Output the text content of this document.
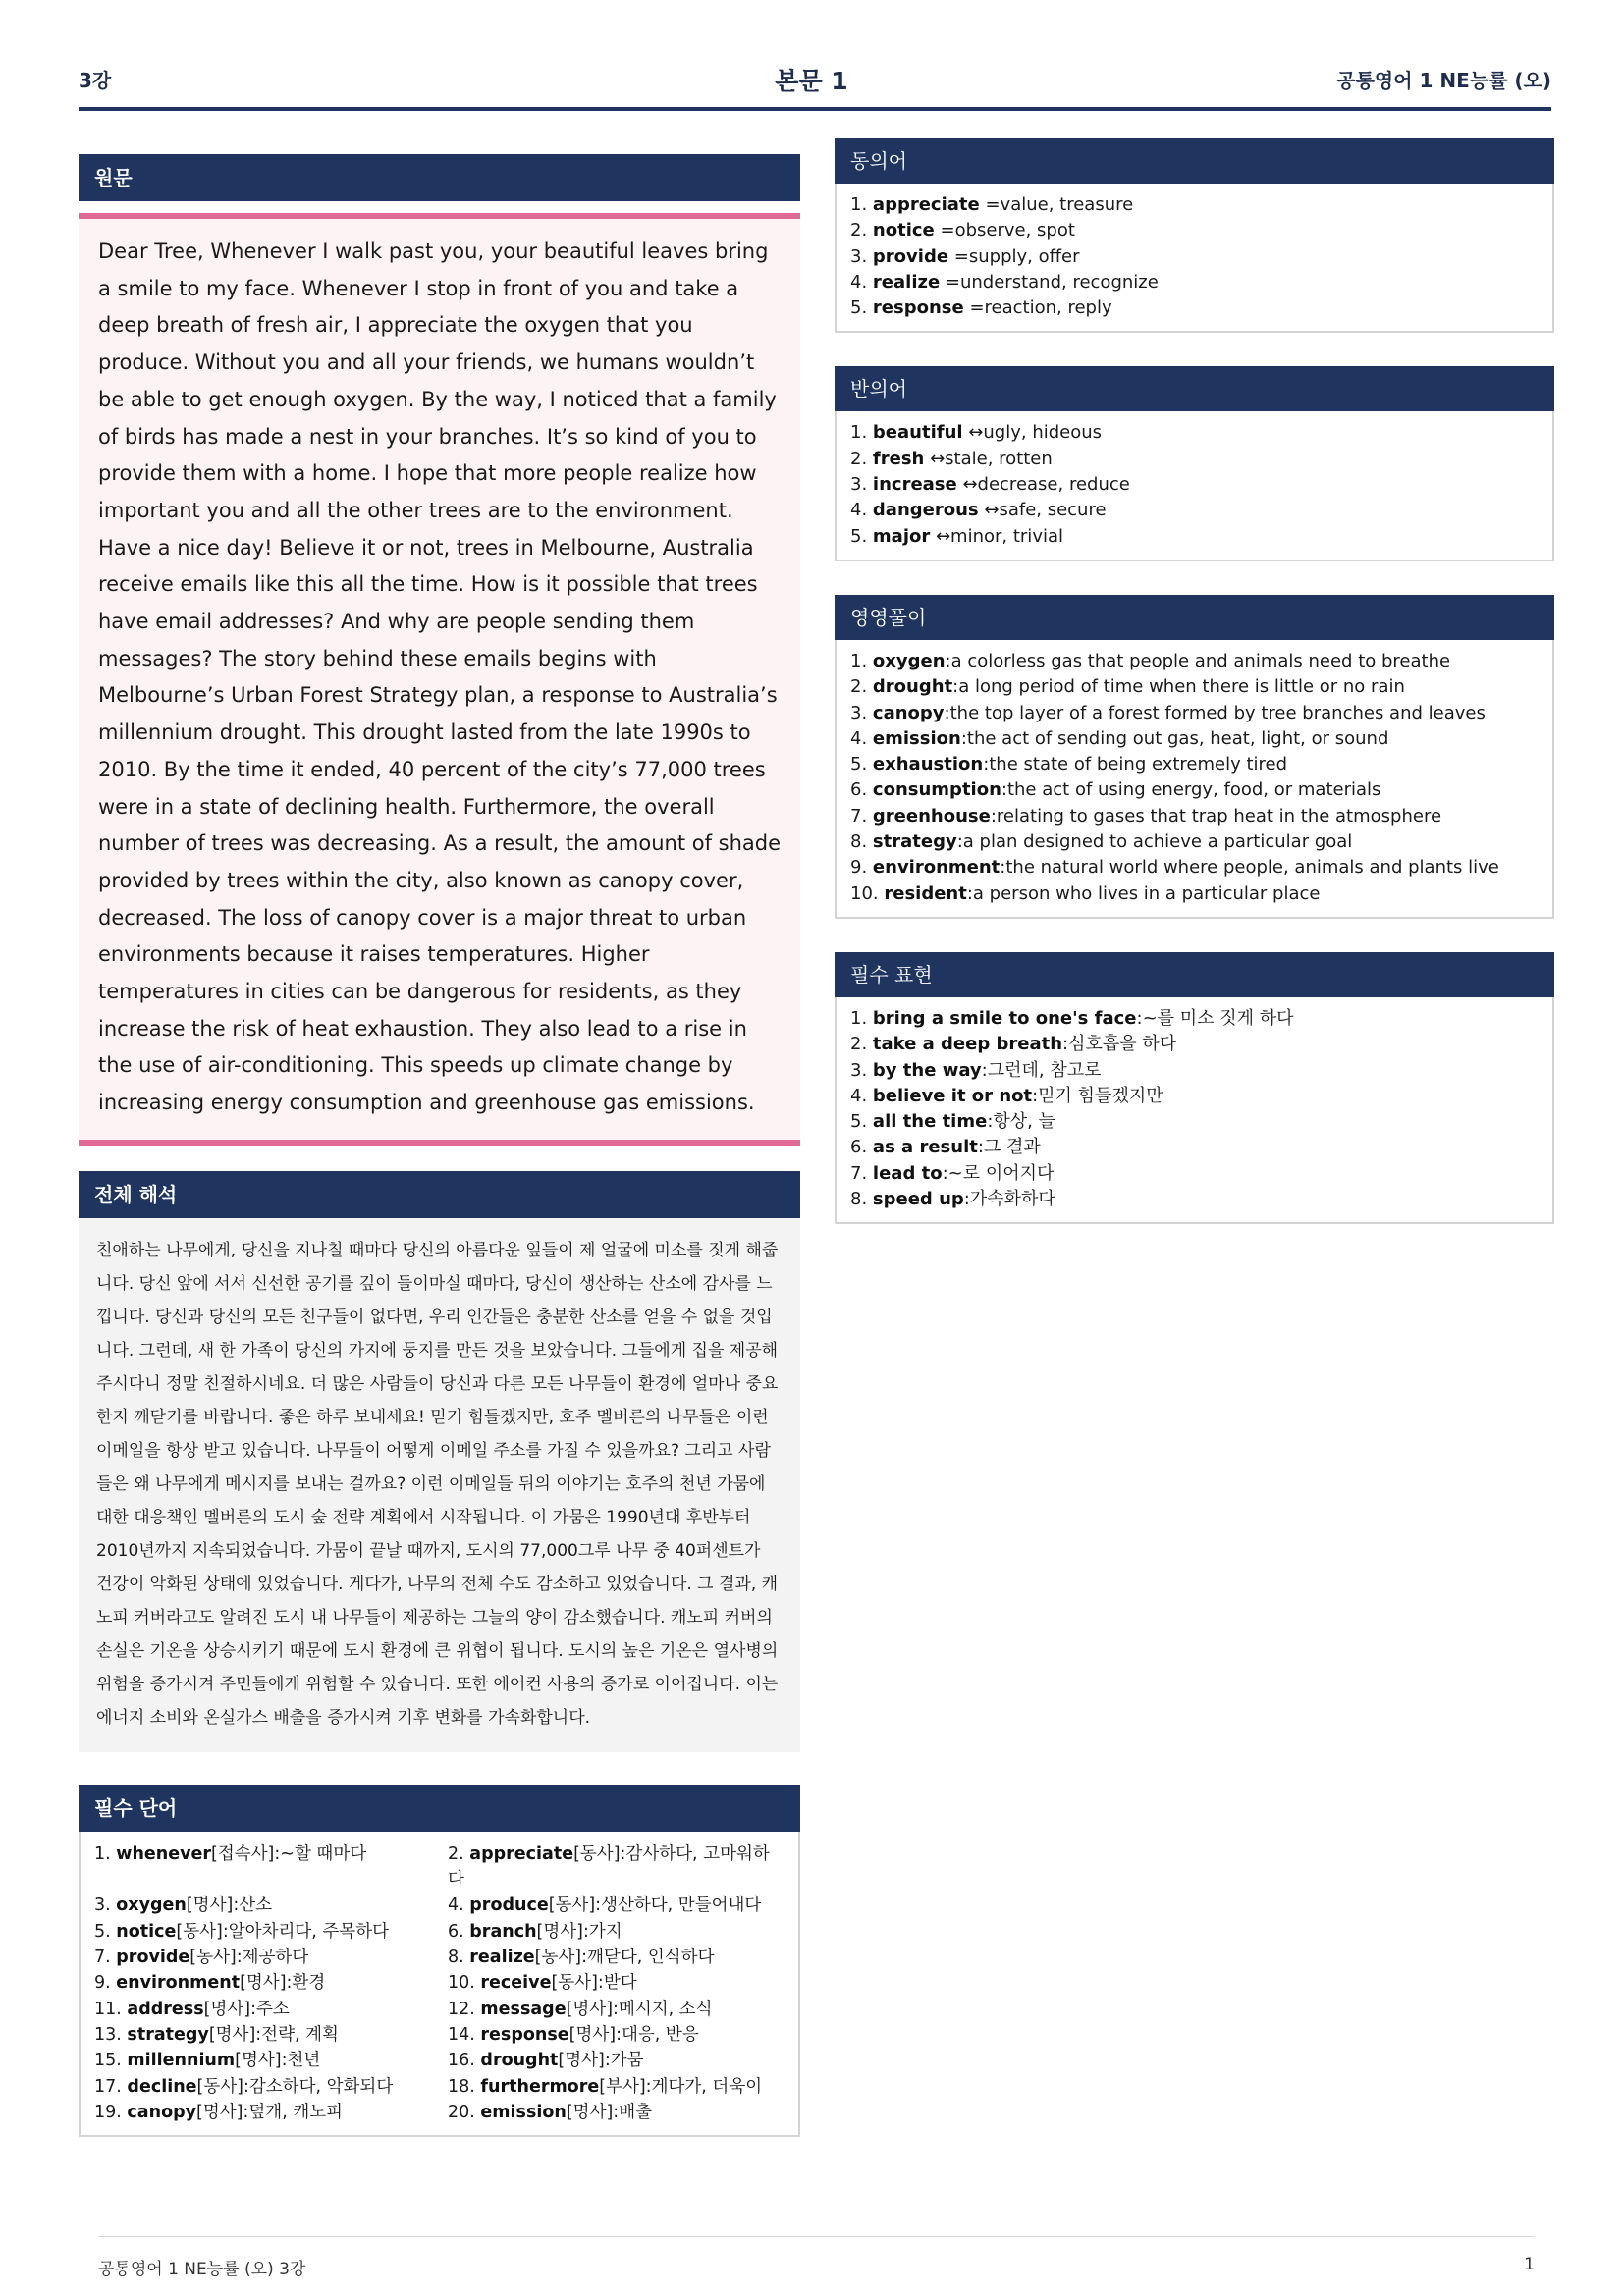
3강	본문 1	공통영어 1 NE능률 (오)
원문

Dear Tree, Whenever I walk past you, your beautiful leaves bring a smile to my face. Whenever I stop in front of you and take a deep breath of fresh air, I appreciate the oxygen that you produce. Without you and all your friends, we humans wouldn’t be able to get enough oxygen. By the way, I noticed that a family of birds has made a nest in your branches. It’s so kind of you to provide them with a home. I hope that more people realize how important you and all the other trees are to the environment. Have a nice day! Believe it or not, trees in Melbourne, Australia receive emails like this all the time. How is it possible that trees have email addresses? And why are people sending them messages? The story behind these emails begins with Melbourne’s Urban Forest Strategy plan, a response to Australia’s millennium drought. This drought lasted from the late 1990s to 2010. By the time it ended, 40 percent of the city’s 77,000 trees were in a state of declining health. Furthermore, the overall number of trees was decreasing. As a result, the amount of shade provided by trees within the city, also known as canopy cover, decreased. The loss of canopy cover is a major threat to urban environments because it raises temperatures. Higher temperatures in cities can be dangerous for residents, as they increase the risk of heat exhaustion. They also lead to a rise in the use of air-conditioning. This speeds up climate change by increasing energy consumption and greenhouse gas emissions.

전체 해석

친애하는 나무에게, 당신을 지나칠 때마다 당신의 아름다운 잎들이 제 얼굴에 미소를 짓게 해줍니다. 당신 앞에 서서 신선한 공기를 깊이 들이마실 때마다, 당신이 생산하는 산소에 감사를 느낍니다. 당신과 당신의 모든 친구들이 없다면, 우리 인간들은 충분한 산소를 얻을 수 없을 것입니다. 그런데, 새 한 가족이 당신의 가지에 둥지를 만든 것을 보았습니다. 그들에게 집을 제공해 주시다니 정말 친절하시네요. 더 많은 사람들이 당신과 다른 모든 나무들이 환경에 얼마나 중요한지 깨닫기를 바랍니다. 좋은 하루 보내세요! 믿기 힘들겠지만, 호주 멜버른의 나무들은 이런 이메일을 항상 받고 있습니다. 나무들이 어떻게 이메일 주소를 가질 수 있을까요? 그리고 사람들은 왜 나무에게 메시지를 보내는 걸까요? 이런 이메일들 뒤의 이야기는 호주의 천년 가뭄에 대한 대응책인 멜버른의 도시 숲 전략 계획에서 시작됩니다. 이 가뭄은 1990년대 후반부터 2010년까지 지속되었습니다. 가뭄이 끝날 때까지, 도시의 77,000그루 나무 중 40퍼센트가 건강이 악화된 상태에 있었습니다. 게다가, 나무의 전체 수도 감소하고 있었습니다. 그 결과, 캐노피 커버라고도 알려진 도시 내 나무들이 제공하는 그늘의 양이 감소했습니다. 캐노피 커버의 손실은 기온을 상승시키기 때문에 도시 환경에 큰 위협이 됩니다. 도시의 높은 기온은 열사병의 위험을 증가시켜 주민들에게 위험할 수 있습니다. 또한 에어컨 사용의 증가로 이어집니다. 이는 에너지 소비와 온실가스 배출을 증가시켜 기후 변화를 가속화합니다.

필수 단어
1. whenever[접속사]:~할 때마다	2. appreciate[동사]:감사하다, 고마워하다
3. oxygen[명사]:산소	4. produce[동사]:생산하다, 만들어내다
5. notice[동사]:알아차리다, 주목하다	6. branch[명사]:가지
7. provide[동사]:제공하다	8. realize[동사]:깨닫다, 인식하다
9. environment[명사]:환경	10. receive[동사]:받다
11. address[명사]:주소	12. message[명사]:메시지, 소식
13. strategy[명사]:전략, 계획	14. response[명사]:대응, 반응
15. millennium[명사]:천년	16. drought[명사]:가뭄
17. decline[동사]:감소하다, 악화되다	18. furthermore[부사]:게다가, 더욱이
19. canopy[명사]:덮개, 캐노피	20. emission[명사]:배출
동의어
1. appreciate =value, treasure
2. notice =observe, spot
3. provide =supply, offer
4. realize =understand, recognize
5. response =reaction, reply
반의어
1. beautiful ↔ugly, hideous
2. fresh ↔stale, rotten
3. increase ↔decrease, reduce
4. dangerous ↔safe, secure
5. major ↔minor, trivial
영영풀이
1. oxygen:a colorless gas that people and animals need to breathe
2. drought:a long period of time when there is little or no rain
3. canopy:the top layer of a forest formed by tree branches and leaves
4. emission:the act of sending out gas, heat, light, or sound
5. exhaustion:the state of being extremely tired
6. consumption:the act of using energy, food, or materials
7. greenhouse:relating to gases that trap heat in the atmosphere
8. strategy:a plan designed to achieve a particular goal
9. environment:the natural world where people, animals and plants live
10. resident:a person who lives in a particular place
필수 표현
1. bring a smile to one's face:~를 미소 짓게 하다
2. take a deep breath:심호흡을 하다
3. by the way:그런데, 참고로
4. believe it or not:믿기 힘들겠지만
5. all the time:항상, 늘
6. as a result:그 결과
7. lead to:~로 이어지다
8. speed up:가속화하다
공통영어 1 NE능률 (오) 3강	1
